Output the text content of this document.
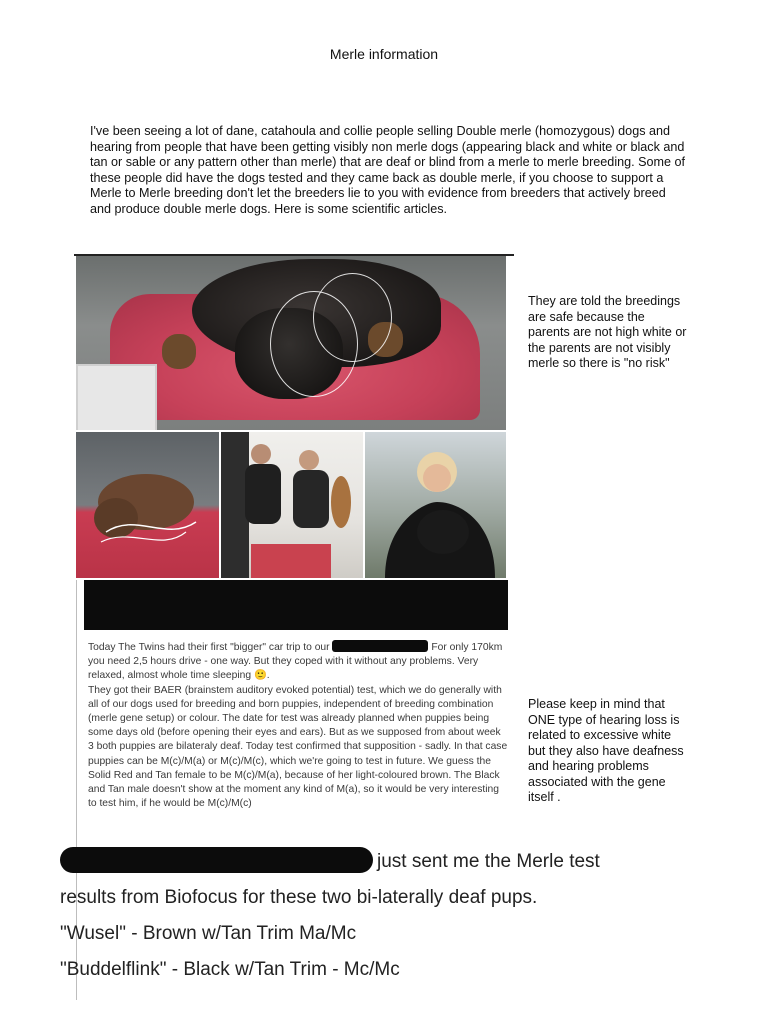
Merle information
I've been seeing a lot of dane, catahoula and collie people selling Double merle (homozygous) dogs and hearing from people that have been getting visibly non merle dogs (appearing black and white or black and tan or sable or any pattern other than merle) that are deaf or blind from a merle to merle breeding. Some of these people did have the dogs tested and they came back as double merle, if you choose to support a Merle to Merle breeding don't let the breeders lie to you with evidence from breeders that actively breed and produce double merle dogs. Here is some scientific articles.
Today The Twins had their first "bigger" car trip to our	For only 170km you need 2,5 hours drive - one way. But they coped with it without any problems. Very relaxed, almost whole time sleeping 🙂.
They got their BAER (brainstem auditory evoked potential) test, which we do generally with all of our dogs used for breeding and born puppies, independent of breeding combination (merle gene setup) or colour. The date for test was already planned when puppies being some days old (before opening their eyes and ears). But as we supposed from about week 3 both puppies are bilateraly deaf. Today test confirmed that supposition - sadly. In that case puppies can be M(c)/M(a) or M(c)/M(c), which we're going to test in future. We guess the Solid Red and Tan female to be M(c)/M(a), because of her light-coloured brown. The Black and Tan male doesn't show at the moment any kind of M(a), so it would be very interesting to test him, if he would be M(c)/M(c)
They are told the breedings are safe because the parents are not high white or the parents are not visibly merle so there is "no risk"
Please keep in mind that ONE type of hearing loss is related to excessive white but they also have deafness and hearing problems associated with the gene itself .
just sent me the Merle test
results from Biofocus for these two bi-laterally deaf pups.
"Wusel" - Brown w/Tan Trim Ma/Mc
"Buddelflink" - Black w/Tan Trim - Mc/Mc
